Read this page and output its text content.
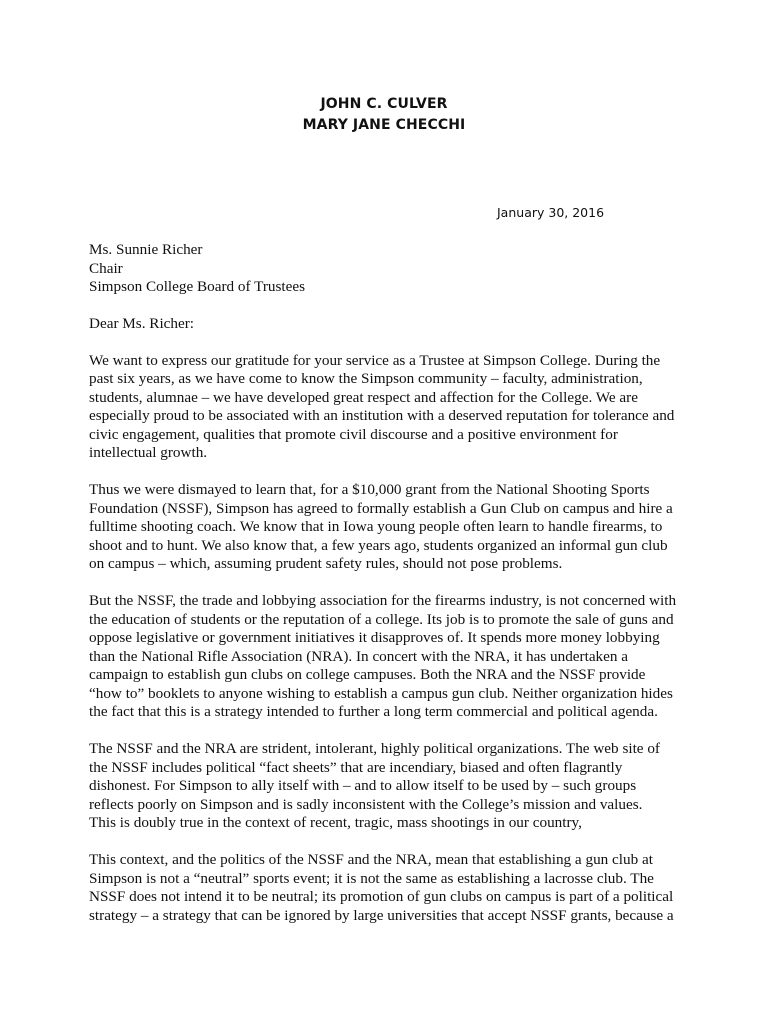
JOHN C. CULVER
MARY JANE CHECCHI
January 30, 2016
Ms. Sunnie Richer
Chair
Simpson College Board of Trustees
Dear Ms. Richer:
We want to express our gratitude for your service as a Trustee at Simpson College. During the
past six years, as we have come to know the Simpson community – faculty, administration,
students, alumnae – we have developed great respect and affection for the College. We are
especially proud to be associated with an institution with a deserved reputation for tolerance and
civic engagement, qualities that promote civil discourse and a positive environment for
intellectual growth.
Thus we were dismayed to learn that, for a $10,000 grant from the National Shooting Sports
Foundation (NSSF), Simpson has agreed to formally establish a Gun Club on campus and hire a
fulltime shooting coach. We know that in Iowa young people often learn to handle firearms, to
shoot and to hunt. We also know that, a few years ago, students organized an informal gun club
on campus – which, assuming prudent safety rules, should not pose problems.
But the NSSF, the trade and lobbying association for the firearms industry, is not concerned with
the education of students or the reputation of a college. Its job is to promote the sale of guns and
oppose legislative or government initiatives it disapproves of. It spends more money lobbying
than the National Rifle Association (NRA). In concert with the NRA, it has undertaken a
campaign to establish gun clubs on college campuses. Both the NRA and the NSSF provide
“how to” booklets to anyone wishing to establish a campus gun club. Neither organization hides
the fact that this is a strategy intended to further a long term commercial and political agenda.
The NSSF and the NRA are strident, intolerant, highly political organizations. The web site of
the NSSF includes political “fact sheets” that are incendiary, biased and often flagrantly
dishonest. For Simpson to ally itself with – and to allow itself to be used by – such groups
reflects poorly on Simpson and is sadly inconsistent with the College’s mission and values.
This is doubly true in the context of recent, tragic, mass shootings in our country,
This context, and the politics of the NSSF and the NRA, mean that establishing a gun club at
Simpson is not a “neutral” sports event; it is not the same as establishing a lacrosse club. The
NSSF does not intend it to be neutral; its promotion of gun clubs on campus is part of a political
strategy – a strategy that can be ignored by large universities that accept NSSF grants, because a
